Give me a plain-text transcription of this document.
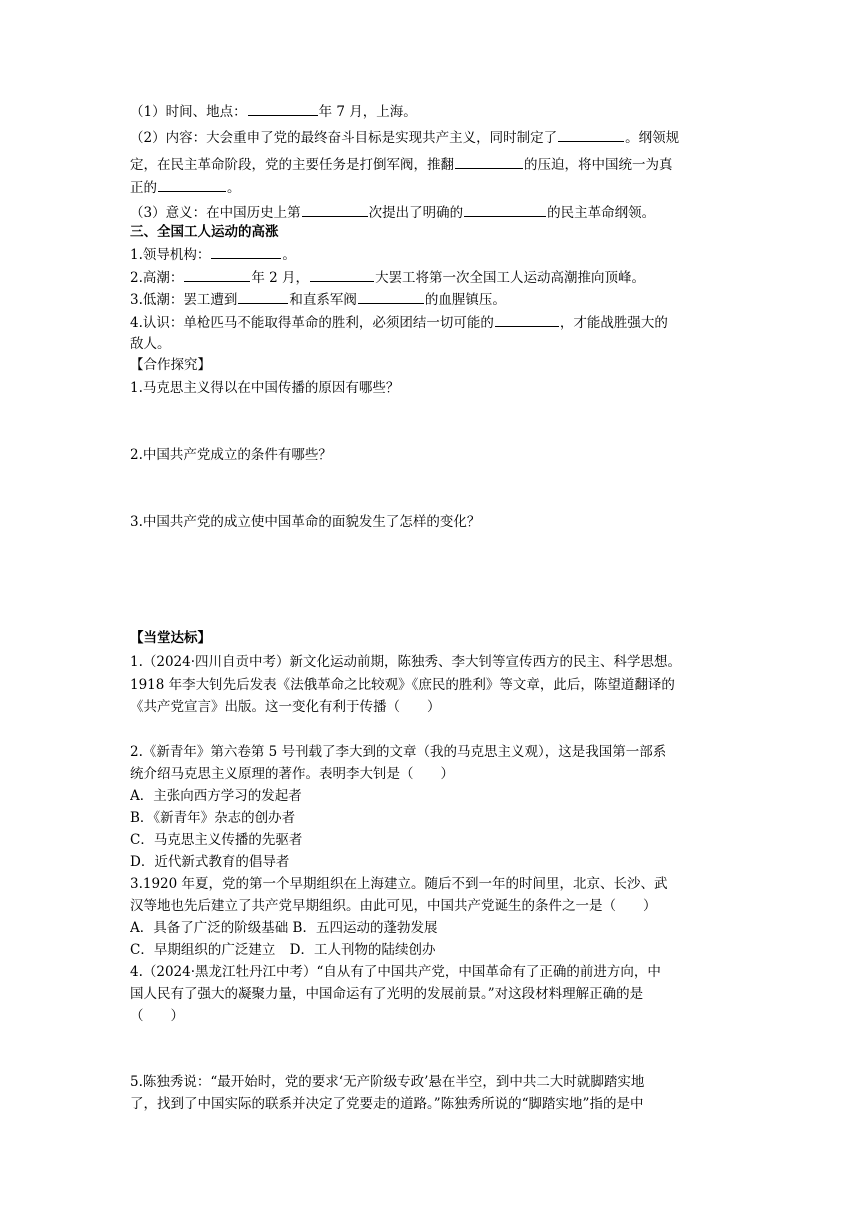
（1）时间、地点：	年 7 月，上海。
（2）内容：大会重申了党的最终奋斗目标是实现共产主义，同时制定了	。纲领规
定，在民主革命阶段，党的主要任务是打倒军阀，推翻	的压迫，将中国统一为真
正的	。
（3）意义：在中国历史上第	次提出了明确的	的民主革命纲领。
三、全国工人运动的高涨
1.领导机构：	。
2.高潮：	年 2 月，	大罢工将第一次全国工人运动高潮推向顶峰。
3.低潮：罢工遭到	和直系军阀	的血腥镇压。
4.认识：单枪匹马不能取得革命的胜利，必须团结一切可能的	，才能战胜强大的
敌人。
【合作探究】
1.马克思主义得以在中国传播的原因有哪些？
2.中国共产党成立的条件有哪些？
3.中国共产党的成立使中国革命的面貌发生了怎样的变化？
【当堂达标】
1.（2024·四川自贡中考）新文化运动前期，陈独秀、李大钊等宣传西方的民主、科学思想。
1918 年李大钊先后发表《法俄革命之比较观》《庶民的胜利》等文章，此后，陈望道翻译的
《共产党宣言》出版。这一变化有利于传播（　　）
2.《新青年》第六卷第 5 号刊载了李大到的文章（我的马克思主义观），这是我国第一部系
统介绍马克思主义原理的著作。表明李大钊是（　　）
A．主张向西方学习的发起者
B．《新青年》杂志的创办者
C．马克思主义传播的先驱者
D．近代新式教育的倡导者
3.1920 年夏，党的第一个早期组织在上海建立。随后不到一年的时间里，北京、长沙、武
汉等地也先后建立了共产党早期组织。由此可见，中国共产党诞生的条件之一是（　　）
A．具备了广泛的阶级基础 B．五四运动的蓬勃发展
C．早期组织的广泛建立 D．工人刊物的陆续创办
4.（2024·黑龙江牡丹江中考）“自从有了中国共产党，中国革命有了正确的前进方向，中
国人民有了强大的凝聚力量，中国命运有了光明的发展前景。”对这段材料理解正确的是
（　　）
5.陈独秀说：“最开始时，党的要求‘无产阶级专政’悬在半空，到中共二大时就脚踏实地
了，找到了中国实际的联系并决定了党要走的道路。”陈独秀所说的“脚踏实地”指的是中
